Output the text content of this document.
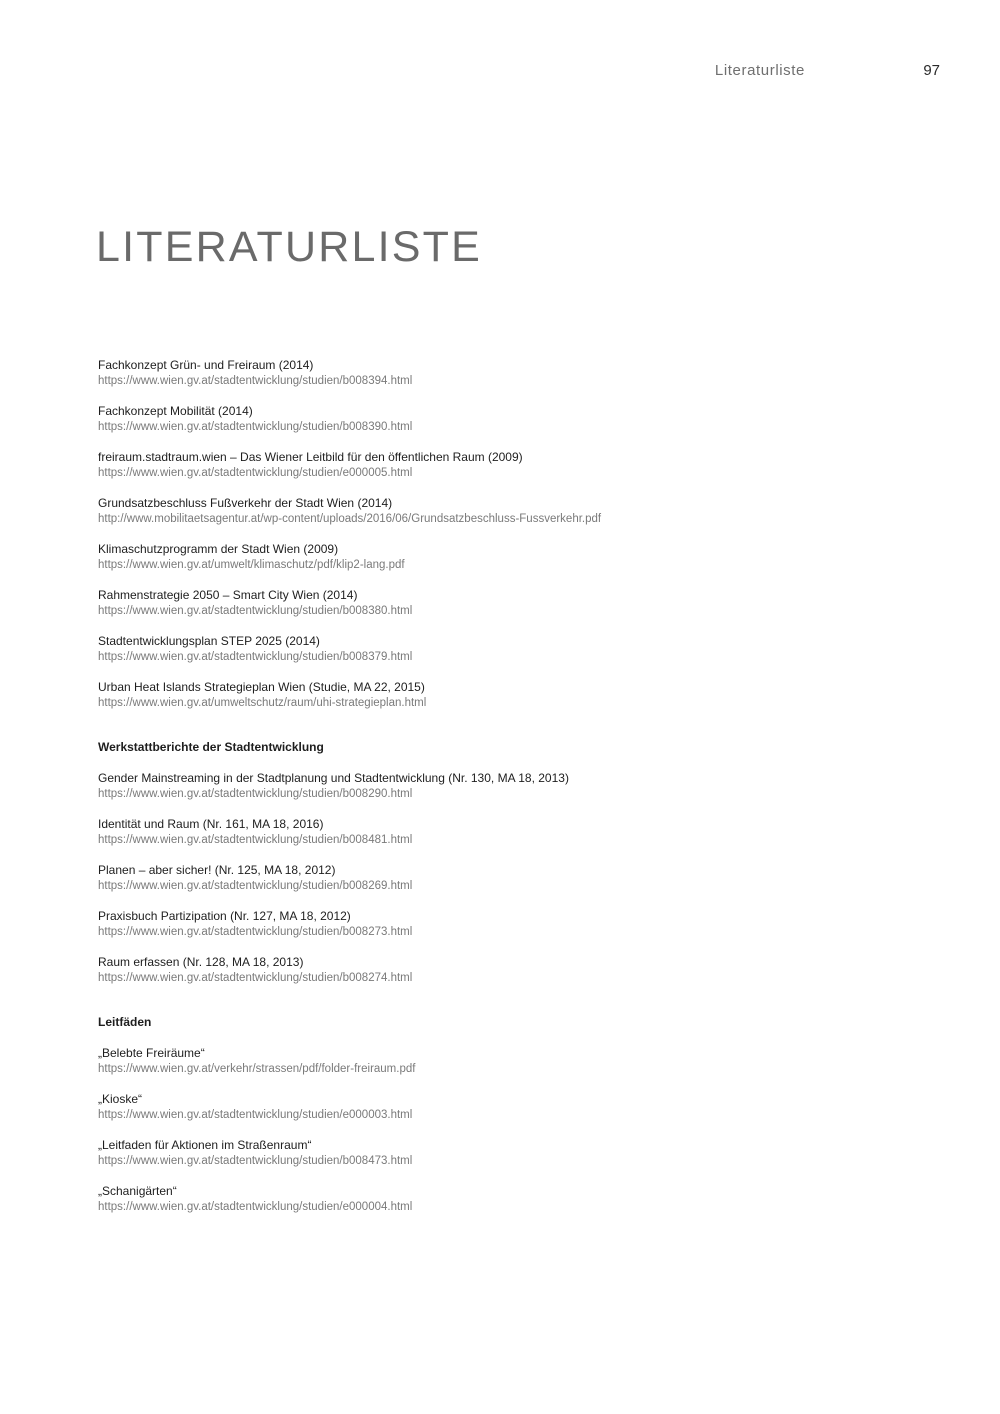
Literaturliste	97
LITERATURLISTE
Fachkonzept Grün- und Freiraum (2014)
https://www.wien.gv.at/stadtentwicklung/studien/b008394.html
Fachkonzept Mobilität (2014)
https://www.wien.gv.at/stadtentwicklung/studien/b008390.html
freiraum.stadtraum.wien – Das Wiener Leitbild für den öffentlichen Raum (2009)
https://www.wien.gv.at/stadtentwicklung/studien/e000005.html
Grundsatzbeschluss Fußverkehr der Stadt Wien (2014)
http://www.mobilitaetsagentur.at/wp-content/uploads/2016/06/Grundsatzbeschluss-Fussverkehr.pdf
Klimaschutzprogramm der Stadt Wien (2009)
https://www.wien.gv.at/umwelt/klimaschutz/pdf/klip2-lang.pdf
Rahmenstrategie 2050 – Smart City Wien (2014)
https://www.wien.gv.at/stadtentwicklung/studien/b008380.html
Stadtentwicklungsplan STEP 2025 (2014)
https://www.wien.gv.at/stadtentwicklung/studien/b008379.html
Urban Heat Islands Strategieplan Wien (Studie, MA 22, 2015)
https://www.wien.gv.at/umweltschutz/raum/uhi-strategieplan.html
Werkstattberichte der Stadtentwicklung
Gender Mainstreaming in der Stadtplanung und Stadtentwicklung (Nr. 130, MA 18, 2013)
https://www.wien.gv.at/stadtentwicklung/studien/b008290.html
Identität und Raum (Nr. 161, MA 18, 2016)
https://www.wien.gv.at/stadtentwicklung/studien/b008481.html
Planen – aber sicher! (Nr. 125, MA 18, 2012)
https://www.wien.gv.at/stadtentwicklung/studien/b008269.html
Praxisbuch Partizipation (Nr. 127, MA 18, 2012)
https://www.wien.gv.at/stadtentwicklung/studien/b008273.html
Raum erfassen (Nr. 128, MA 18, 2013)
https://www.wien.gv.at/stadtentwicklung/studien/b008274.html
Leitfäden
„Belebte Freiräume“
https://www.wien.gv.at/verkehr/strassen/pdf/folder-freiraum.pdf
„Kioske“
https://www.wien.gv.at/stadtentwicklung/studien/e000003.html
„Leitfaden für Aktionen im Straßenraum“
https://www.wien.gv.at/stadtentwicklung/studien/b008473.html
„Schanigärten“
https://www.wien.gv.at/stadtentwicklung/studien/e000004.html
